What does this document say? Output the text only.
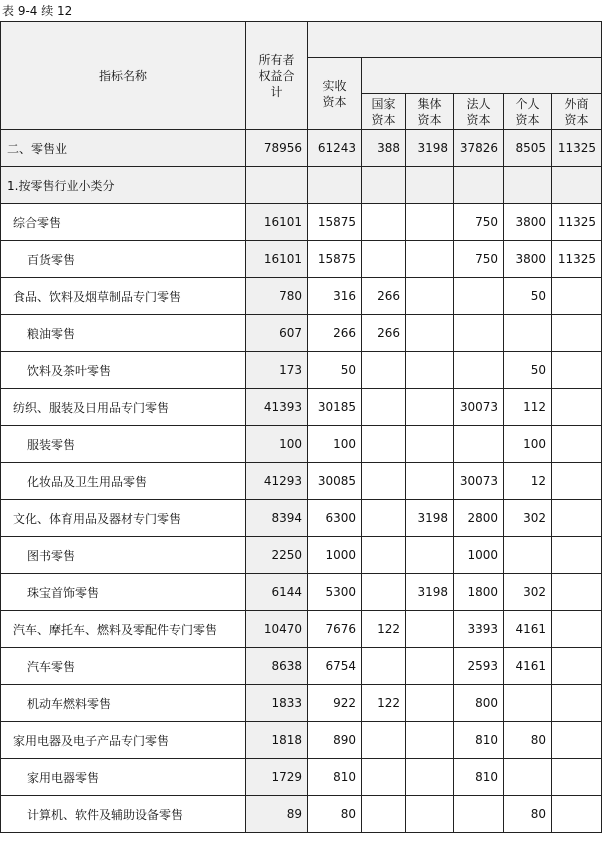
表 9-4 续 12
指标名称	所有者权益合计						
		实收资本					
			国家资本	集体资本	法人资本	个人资本	外商资本
二、零售业	78956	61243	388	3198	37826	8505	11325
1.按零售行业小类分							
综合零售	16101	15875			750	3800	11325
百货零售	16101	15875			750	3800	11325
食品、饮料及烟草制品专门零售	780	316	266			50	
粮油零售	607	266	266				
饮料及茶叶零售	173	50				50	
纺织、服装及日用品专门零售	41393	30185			30073	112	
服装零售	100	100				100	
化妆品及卫生用品零售	41293	30085			30073	12	
文化、体育用品及器材专门零售	8394	6300		3198	2800	302	
图书零售	2250	1000			1000		
珠宝首饰零售	6144	5300		3198	1800	302	
汽车、摩托车、燃料及零配件专门零售	10470	7676	122		3393	4161	
汽车零售	8638	6754			2593	4161	
机动车燃料零售	1833	922	122		800		
家用电器及电子产品专门零售	1818	890			810	80	
家用电器零售	1729	810			810		
计算机、软件及辅助设备零售	89	80				80	
